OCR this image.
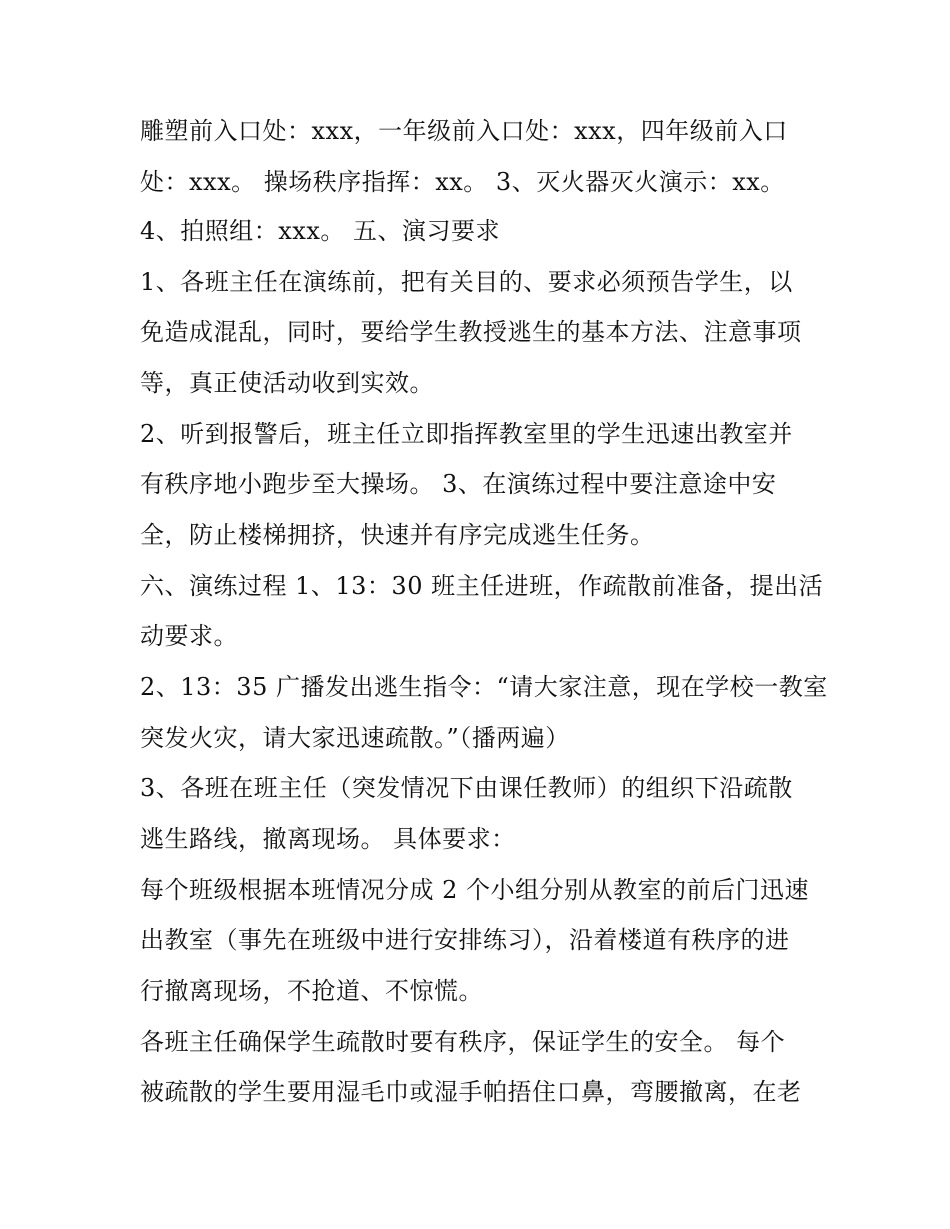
雕塑前入口处：xxx，一年级前入口处：xxx，四年级前入口
处：xxx。 操场秩序指挥：xx。 3、灭火器灭火演示：xx。
4、拍照组：xxx。 五、演习要求
1、各班主任在演练前，把有关目的、要求必须预告学生，以
免造成混乱，同时，要给学生教授逃生的基本方法、注意事项
等，真正使活动收到实效。
2、听到报警后，班主任立即指挥教室里的学生迅速出教室并
有秩序地小跑步至大操场。 3、在演练过程中要注意途中安
全，防止楼梯拥挤，快速并有序完成逃生任务。
六、演练过程 1、13：30 班主任进班，作疏散前准备，提出活
动要求。
2、13：35 广播发出逃生指令：“请大家注意，现在学校一教室
突发火灾，请大家迅速疏散。”（播两遍）
3、各班在班主任（突发情况下由课任教师）的组织下沿疏散
逃生路线，撤离现场。 具体要求：
每个班级根据本班情况分成 2 个小组分别从教室的前后门迅速
出教室（事先在班级中进行安排练习），沿着楼道有秩序的进
行撤离现场，不抢道、不惊慌。
各班主任确保学生疏散时要有秩序，保证学生的安全。 每个
被疏散的学生要用湿毛巾或湿手帕捂住口鼻，弯腰撤离，在老
